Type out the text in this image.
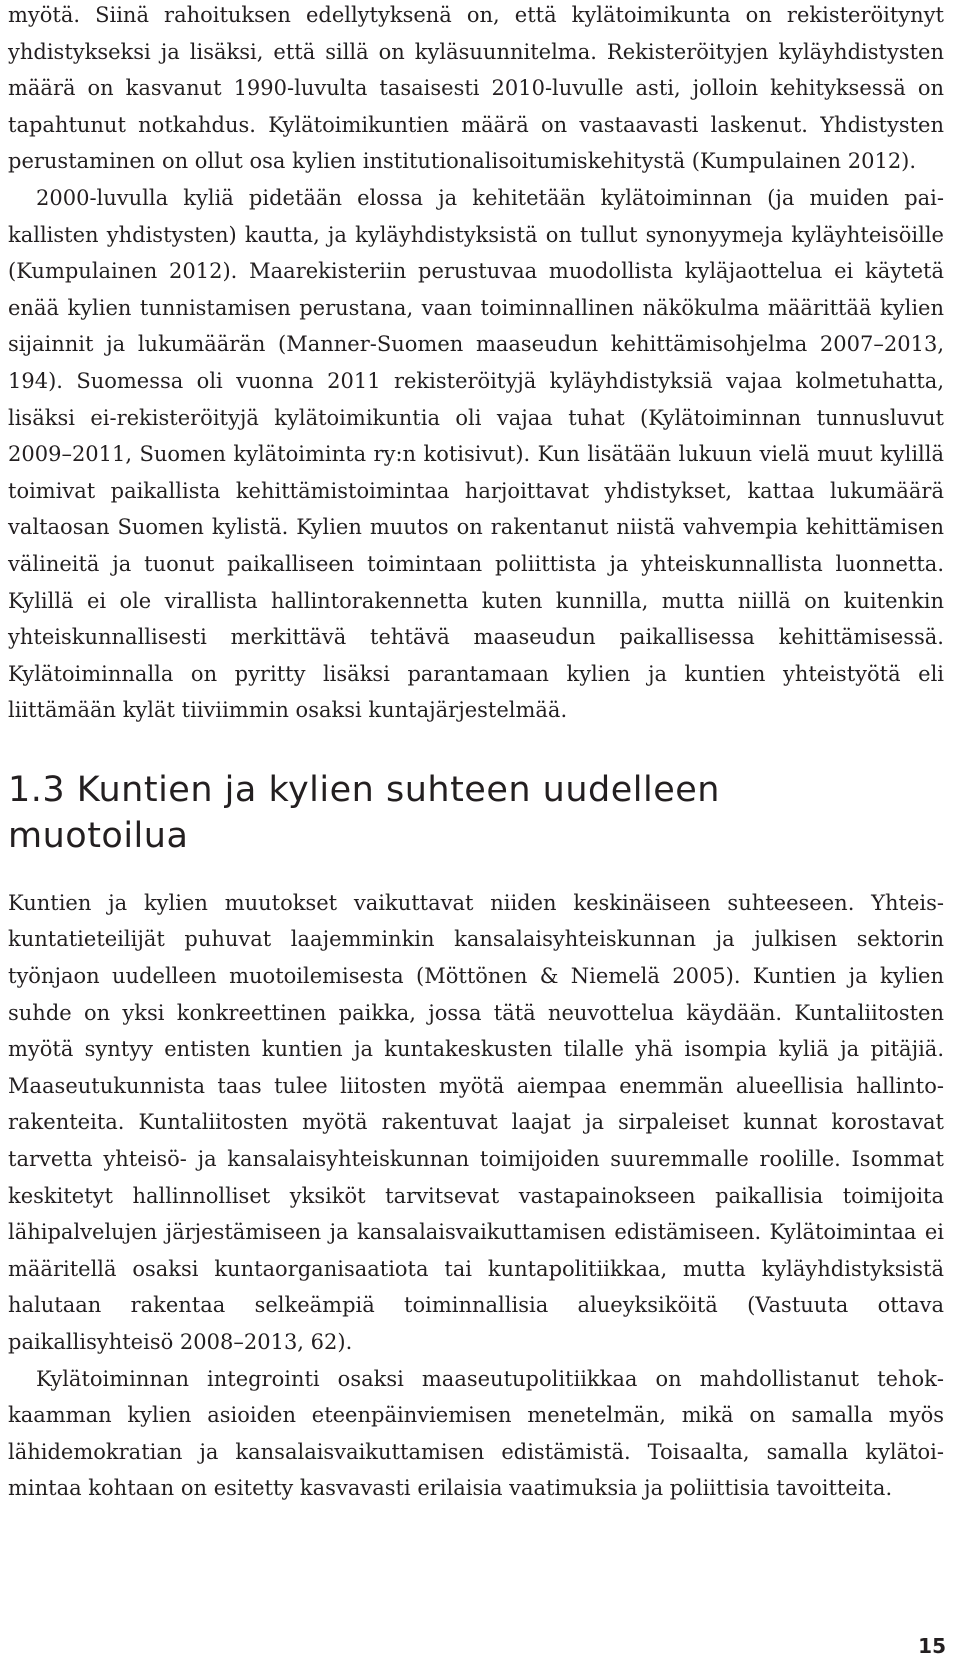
myötä. Siinä rahoituksen edellytyksenä on, että kylätoimikunta on rekisteröitynyt yhdistykseksi ja lisäksi, että sillä on kyläsuunnitelma. Rekisteröityjen kyläyhdistysten määrä on kasvanut 1990-luvulta tasaisesti 2010-luvulle asti, jolloin kehityksessä on tapahtunut notkahdus. Kylätoimikuntien määrä on vastaavasti laskenut. Yhdistysten perustaminen on ollut osa kylien institutionalisoitumiskehitystä (Kumpulainen 2012).

2000-luvulla kyliä pidetään elossa ja kehitetään kylätoiminnan (ja muiden paikallisten yhdistysten) kautta, ja kyläyhdistyksistä on tullut synonyymeja kyläyhteisöille (Kumpulainen 2012). Maarekisteriin perustuvaa muodollista kyläjaottelua ei käytetä enää kylien tunnistamisen perustana, vaan toiminnallinen näkökulma määrittää kylien sijainnit ja lukumäärän (Manner-Suomen maaseudun kehittämisohjelma 2007–2013, 194). Suomessa oli vuonna 2011 rekisteröityjä kyläyhdistyksiä vajaa kolmetuhatta, lisäksi ei-rekisteröityjä kylätoimikuntia oli vajaa tuhat (Kylätoiminnan tunnusluvut 2009–2011, Suomen kylätoiminta ry:n kotisivut). Kun lisätään lukuun vielä muut kylillä toimivat paikallista kehittämistoimintaa harjoittavat yhdistykset, kattaa lukumäärä valtaosan Suomen kylistä. Kylien muutos on rakentanut niistä vahvempia kehittämisen välineitä ja tuonut paikalliseen toimintaan poliittista ja yhteiskunnallista luonnetta. Kylillä ei ole virallista hallintorakennetta kuten kunnilla, mutta niillä on kuitenkin yhteiskunnallisesti merkittävä tehtävä maaseudun paikallisessa kehittämisessä. Kylätoiminnalla on pyritty lisäksi parantamaan kylien ja kuntien yhteistyötä eli liittämään kylät tiiviimmin osaksi kuntajärjestelmää.

1.3 Kuntien ja kylien suhteen uudelleen muotoilua

Kuntien ja kylien muutokset vaikuttavat niiden keskinäiseen suhteeseen. Yhteiskuntatieteilijät puhuvat laajemminkin kansalaisyhteiskunnan ja julkisen sektorin työnjaon uudelleen muotoilemisesta (Möttönen & Niemelä 2005). Kuntien ja kylien suhde on yksi konkreettinen paikka, jossa tätä neuvottelua käydään. Kuntaliitosten myötä syntyy entisten kuntien ja kuntakeskusten tilalle yhä isompia kyliä ja pitäjiä. Maaseutukunnista taas tulee liitosten myötä aiempaa enemmän alueellisia hallintorakenteita. Kuntaliitosten myötä rakentuvat laajat ja sirpaleiset kunnat korostavat tarvetta yhteisö- ja kansalaisyhteiskunnan toimijoiden suuremmalle roolille. Isommat keskitetyt hallinnolliset yksiköt tarvitsevat vastapainokseen paikallisia toimijoita lähipalvelujen järjestämiseen ja kansalaisvaikuttamisen edistämiseen. Kylätoimintaa ei määritellä osaksi kuntaorganisaatiota tai kuntapolitiikkaa, mutta kyläyhdistyksistä halutaan rakentaa selkeämpiä toiminnallisia alueyksiköitä (Vastuuta ottava paikallisyhteisö 2008–2013, 62).

Kylätoiminnan integrointi osaksi maaseutupolitiikkaa on mahdollistanut tehokkaamman kylien asioiden eteenpäinviemisen menetelmän, mikä on samalla myös lähidemokratian ja kansalaisvaikuttamisen edistämistä. Toisaalta, samalla kylätoimintaa kohtaan on esitetty kasvavasti erilaisia vaatimuksia ja poliittisia tavoitteita.

15
